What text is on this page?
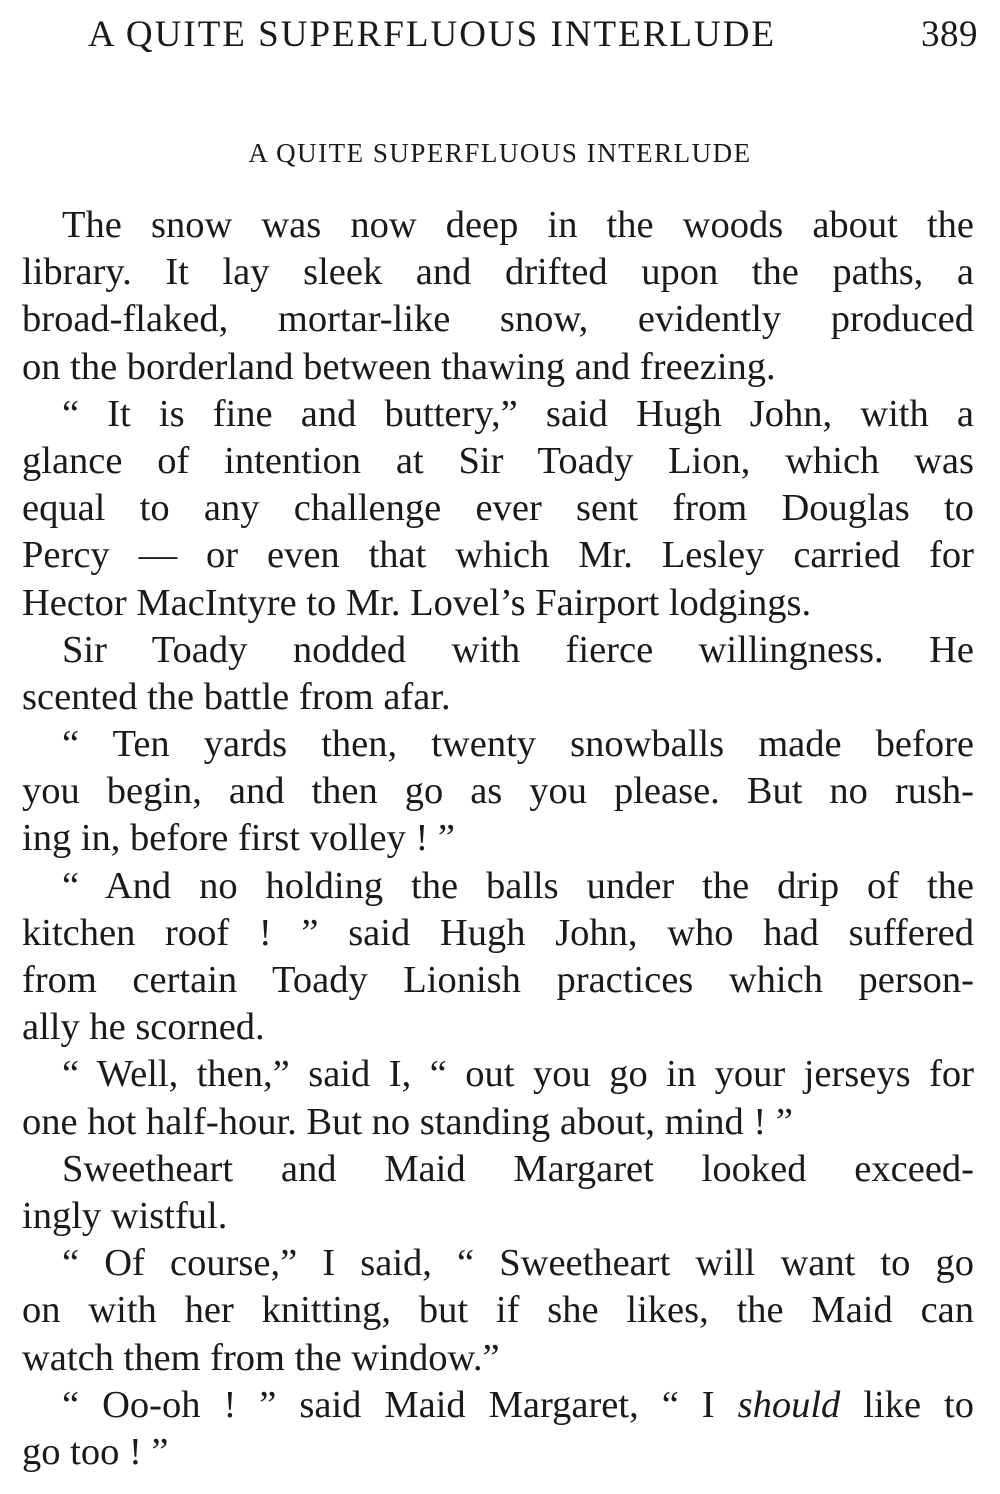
A QUITE SUPERFLUOUS INTERLUDE	389
A QUITE SUPERFLUOUS INTERLUDE
The snow was now deep in the woods about the
library. It lay sleek and drifted upon the paths, a
broad-flaked, mortar-like snow, evidently produced
on the borderland between thawing and freezing.
“ It is fine and buttery,” said Hugh John, with a
glance of intention at Sir Toady Lion, which was
equal to any challenge ever sent from Douglas to
Percy — or even that which Mr. Lesley carried for
Hector MacIntyre to Mr. Lovel’s Fairport lodgings.
Sir Toady nodded with fierce willingness. He
scented the battle from afar.
“ Ten yards then, twenty snowballs made before
you begin, and then go as you please. But no rush-
ing in, before first volley ! ”
“ And no holding the balls under the drip of the
kitchen roof ! ” said Hugh John, who had suffered
from certain Toady Lionish practices which person-
ally he scorned.
“ Well, then,” said I, “ out you go in your jerseys for
one hot half-hour. But no standing about, mind ! ”
Sweetheart and Maid Margaret looked exceed-
ingly wistful.
“ Of course,” I said, “ Sweetheart will want to go
on with her knitting, but if she likes, the Maid can
watch them from the window.”
“ Oo-oh ! ” said Maid Margaret, “ I should like to
go too ! ”
